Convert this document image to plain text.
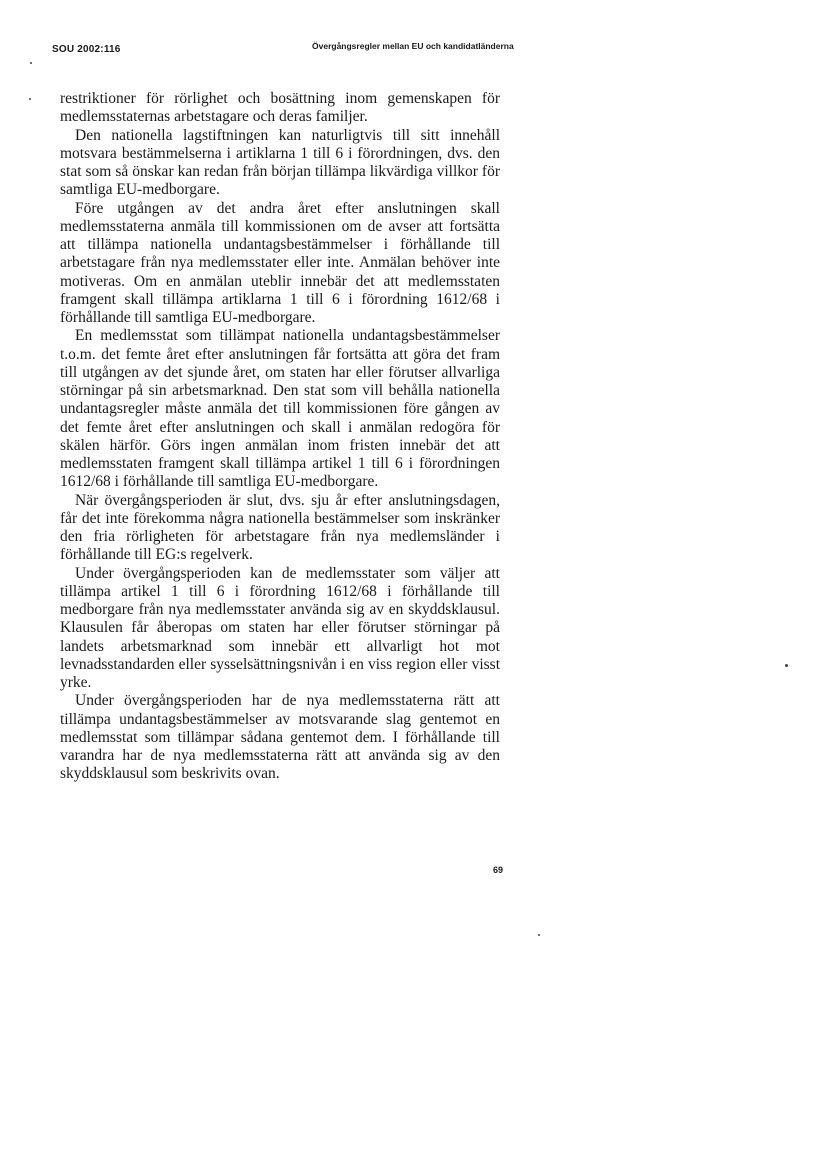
SOU 2002:116	Övergångsregler mellan EU och kandidatländerna

restriktioner för rörlighet och bosättning inom gemenskapen för medlemsstaternas arbetstagare och deras familjer.

Den nationella lagstiftningen kan naturligtvis till sitt innehåll motsvara bestämmelserna i artiklarna 1 till 6 i förordningen, dvs. den stat som så önskar kan redan från början tillämpa likvärdiga villkor för samtliga EU-medborgare.

Före utgången av det andra året efter anslutningen skall medlemsstaterna anmäla till kommissionen om de avser att fortsätta att tillämpa nationella undantagsbestämmelser i förhållande till arbetstagare från nya medlemsstater eller inte. Anmälan behöver inte motiveras. Om en anmälan uteblir innebär det att medlemsstaten framgent skall tillämpa artiklarna 1 till 6 i förordning 1612/68 i förhållande till samtliga EU-medborgare.

En medlemsstat som tillämpat nationella undantagsbestämmelser t.o.m. det femte året efter anslutningen får fortsätta att göra det fram till utgången av det sjunde året, om staten har eller förutser allvarliga störningar på sin arbetsmarknad. Den stat som vill behålla nationella undantagsregler måste anmäla det till kommissionen före gången av det femte året efter anslutningen och skall i anmälan redogöra för skälen härför. Görs ingen anmälan inom fristen innebär det att medlemsstaten framgent skall tillämpa artikel 1 till 6 i förordningen 1612/68 i förhållande till samtliga EU-medborgare.

När övergångsperioden är slut, dvs. sju år efter anslutningsdagen, får det inte förekomma några nationella bestämmelser som inskränker den fria rörligheten för arbetstagare från nya medlemsländer i förhållande till EG:s regelverk.

Under övergångsperioden kan de medlemsstater som väljer att tillämpa artikel 1 till 6 i förordning 1612/68 i förhållande till medborgare från nya medlemsstater använda sig av en skyddsklausul. Klausulen får åberopas om staten har eller förutser störningar på landets arbetsmarknad som innebär ett allvarligt hot mot levnadsstandarden eller sysselsättningsnivån i en viss region eller visst yrke.

Under övergångsperioden har de nya medlemsstaterna rätt att tillämpa undantagsbestämmelser av motsvarande slag gentemot en medlemsstat som tillämpar sådana gentemot dem. I förhållande till varandra har de nya medlemsstaterna rätt att använda sig av den skyddsklausul som beskrivits ovan.

69
